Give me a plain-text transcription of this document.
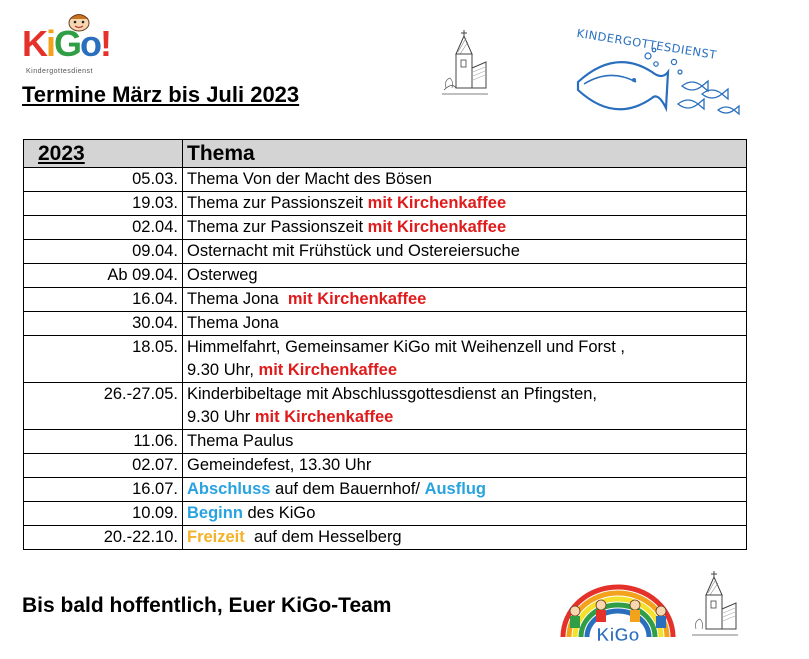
KiGo!
Kindergottesdienst
KINDERGOTTESDIENST
Termine März bis Juli 2023
2023	Thema
05.03.	Thema Von der Macht des Bösen
19.03.	Thema zur Passionszeit mit Kirchenkaffee
02.04.	Thema zur Passionszeit mit Kirchenkaffee
09.04.	Osternacht mit Frühstück und Ostereiersuche
Ab 09.04.	Osterweg
16.04.	Thema Jona  mit Kirchenkaffee
30.04.	Thema Jona
18.05.	Himmelfahrt, Gemeinsamer KiGo mit Weihenzell und Forst ,
9.30 Uhr, mit Kirchenkaffee
26.-27.05.	Kinderbibeltage mit Abschlussgottesdienst an Pfingsten,
9.30 Uhr mit Kirchenkaffee
11.06.	Thema Paulus
02.07.	Gemeindefest, 13.30 Uhr
16.07.	Abschluss auf dem Bauernhof/ Ausflug
10.09.	Beginn des KiGo
20.-22.10.	Freizeit  auf dem Hesselberg
Bis bald hoffentlich, Euer KiGo-Team
KiGo
